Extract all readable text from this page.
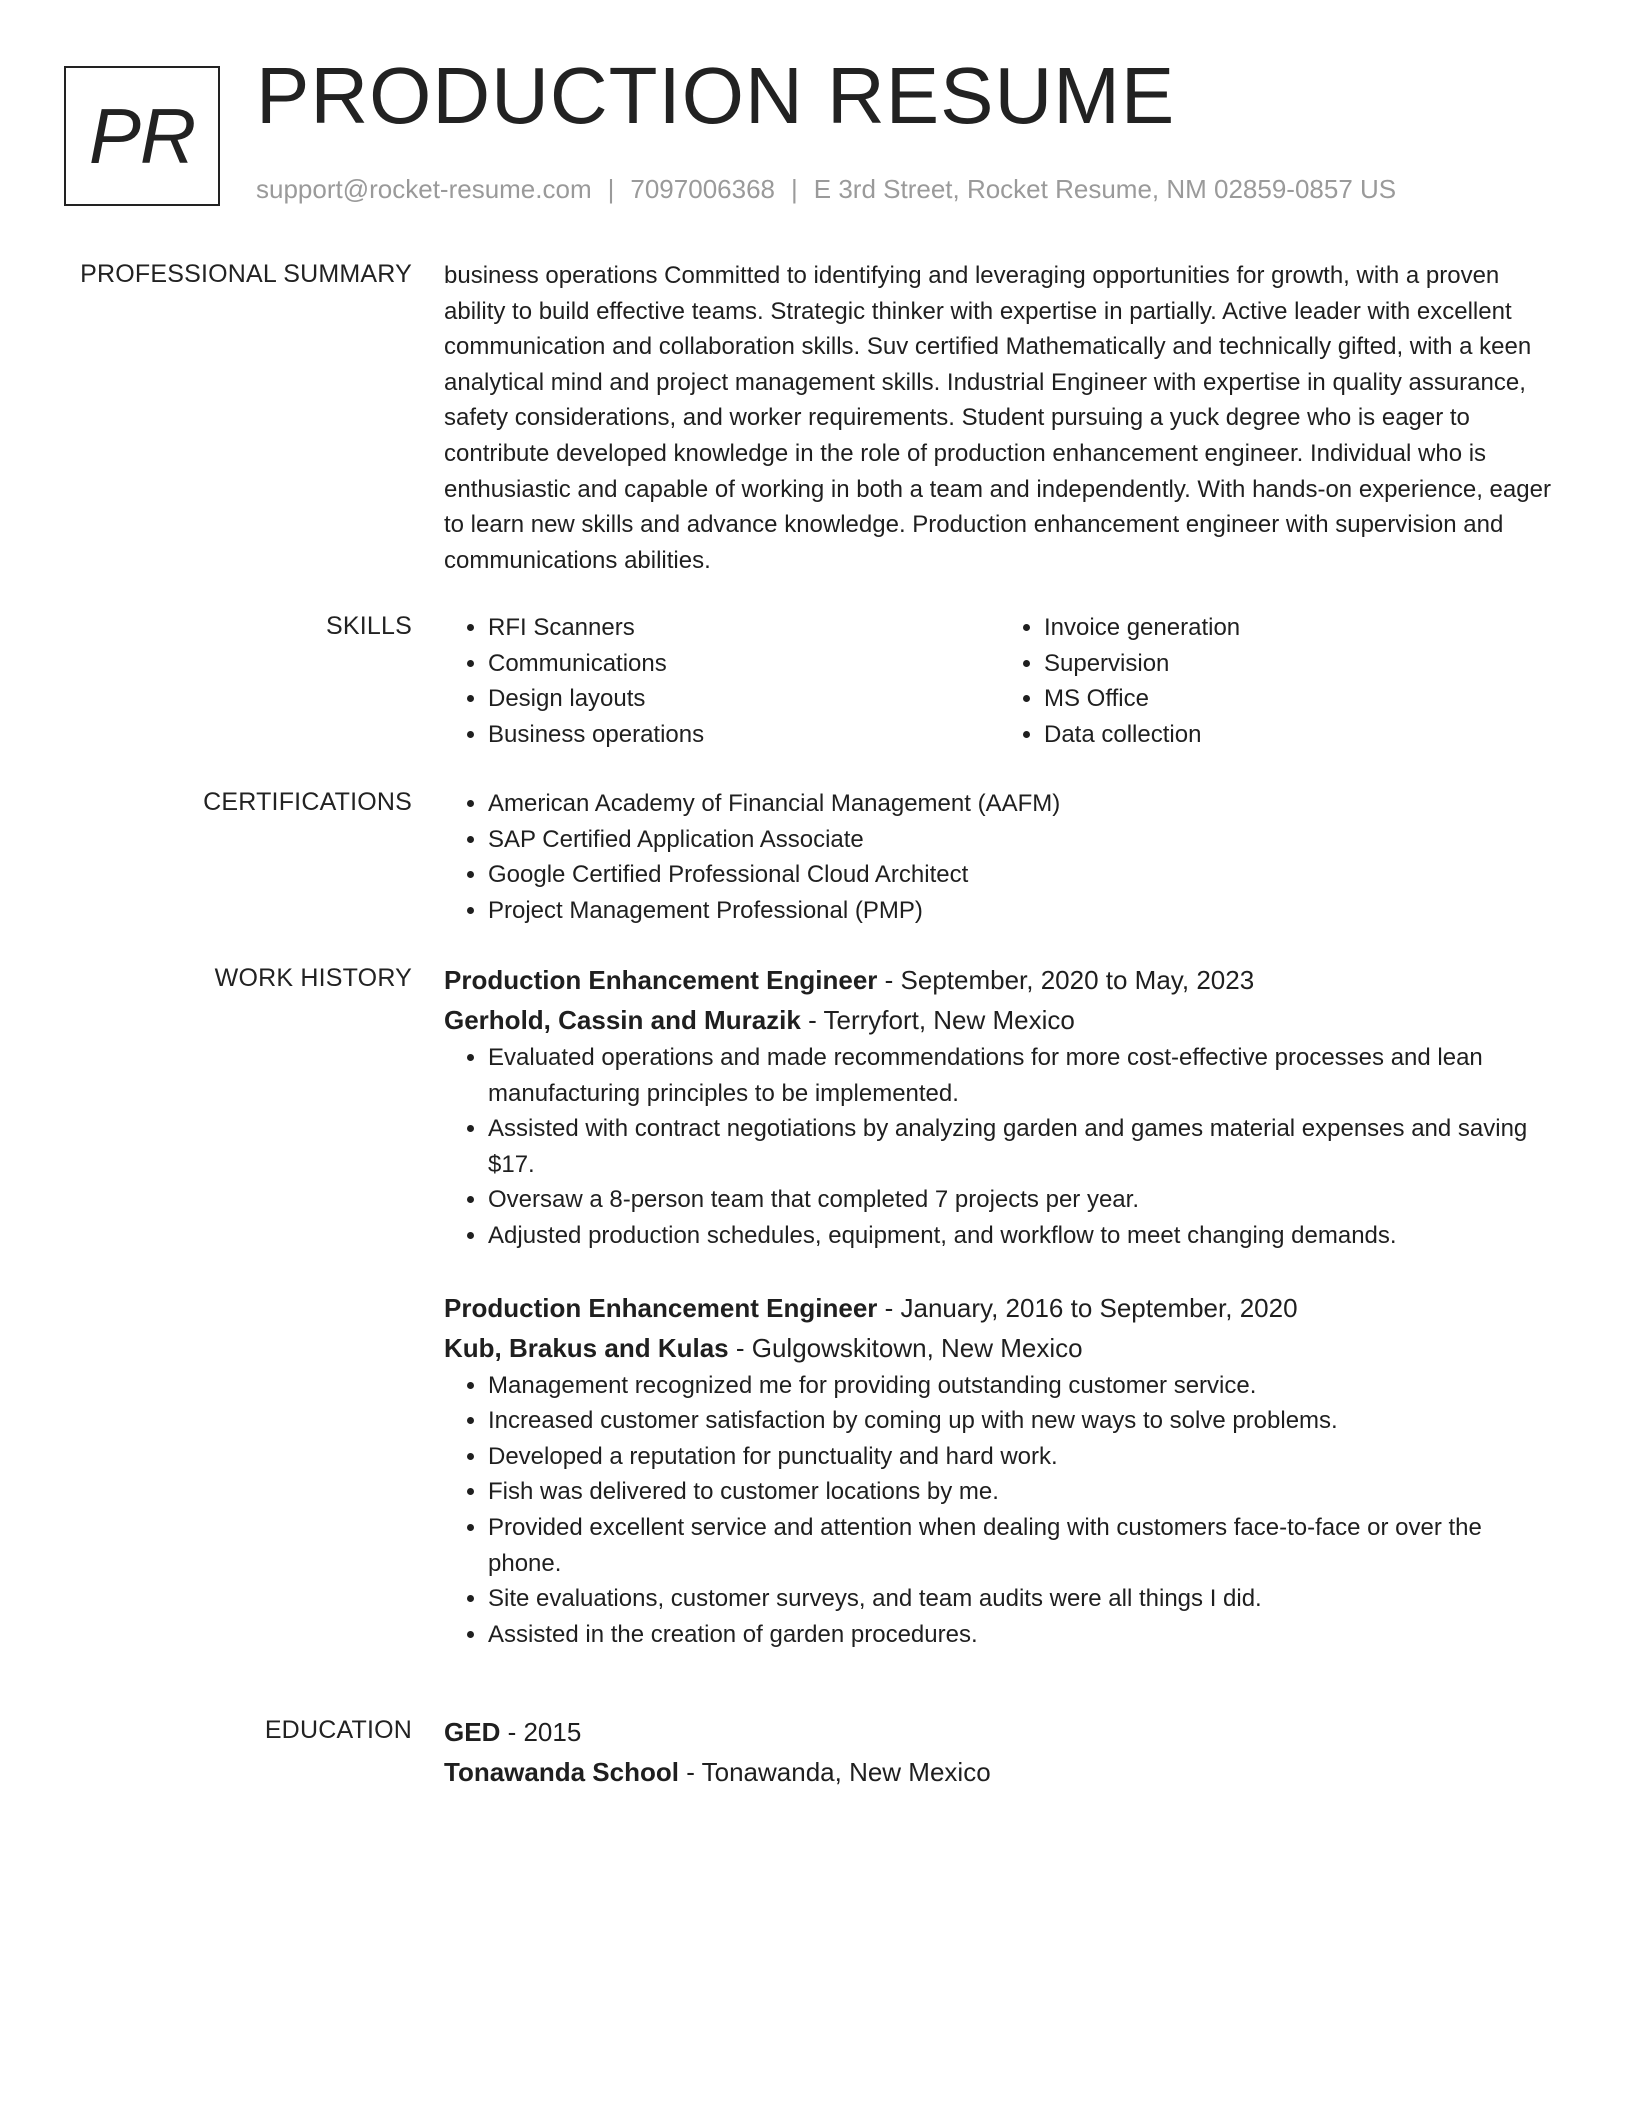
PR PRODUCTION RESUME
support@rocket-resume.com | 7097006368 | E 3rd Street, Rocket Resume, NM 02859-0857 US
PROFESSIONAL SUMMARY business operations Committed to identifying and leveraging opportunities for growth, with a proven ability to build effective teams. Strategic thinker with expertise in partially. Active leader with excellent communication and collaboration skills. Suv certified Mathematically and technically gifted, with a keen analytical mind and project management skills. Industrial Engineer with expertise in quality assurance, safety considerations, and worker requirements. Student pursuing a yuck degree who is eager to contribute developed knowledge in the role of production enhancement engineer. Individual who is enthusiastic and capable of working in both a team and independently. With hands-on experience, eager to learn new skills and advance knowledge. Production enhancement engineer with supervision and communications abilities.

SKILLS	• RFI Scanners
• Communications
• Design layouts
• Business operations
• Invoice generation
• Supervision
• MS Office
• Data collection
CERTIFICATIONS	• American Academy of Financial Management (AAFM)
• SAP Certified Application Associate
• Google Certified Professional Cloud Architect
• Project Management Professional (PMP)
WORK HISTORY Production Enhancement Engineer - September, 2020 to May, 2023
Gerhold, Cassin and Murazik - Terryfort, New Mexico
• Evaluated operations and made recommendations for more cost-effective processes and lean manufacturing principles to be implemented.
• Assisted with contract negotiations by analyzing garden and games material expenses and saving $17.
• Oversaw a 8-person team that completed 7 projects per year.
• Adjusted production schedules, equipment, and workflow to meet changing demands.
Production Enhancement Engineer - January, 2016 to September, 2020
Kub, Brakus and Kulas - Gulgowskitown, New Mexico
• Management recognized me for providing outstanding customer service.
• Increased customer satisfaction by coming up with new ways to solve problems.
• Developed a reputation for punctuality and hard work.
• Fish was delivered to customer locations by me.
• Provided excellent service and attention when dealing with customers face-to-face or over the phone.
• Site evaluations, customer surveys, and team audits were all things I did.
• Assisted in the creation of garden procedures.
EDUCATION GED - 2015
Tonawanda School - Tonawanda, New Mexico
